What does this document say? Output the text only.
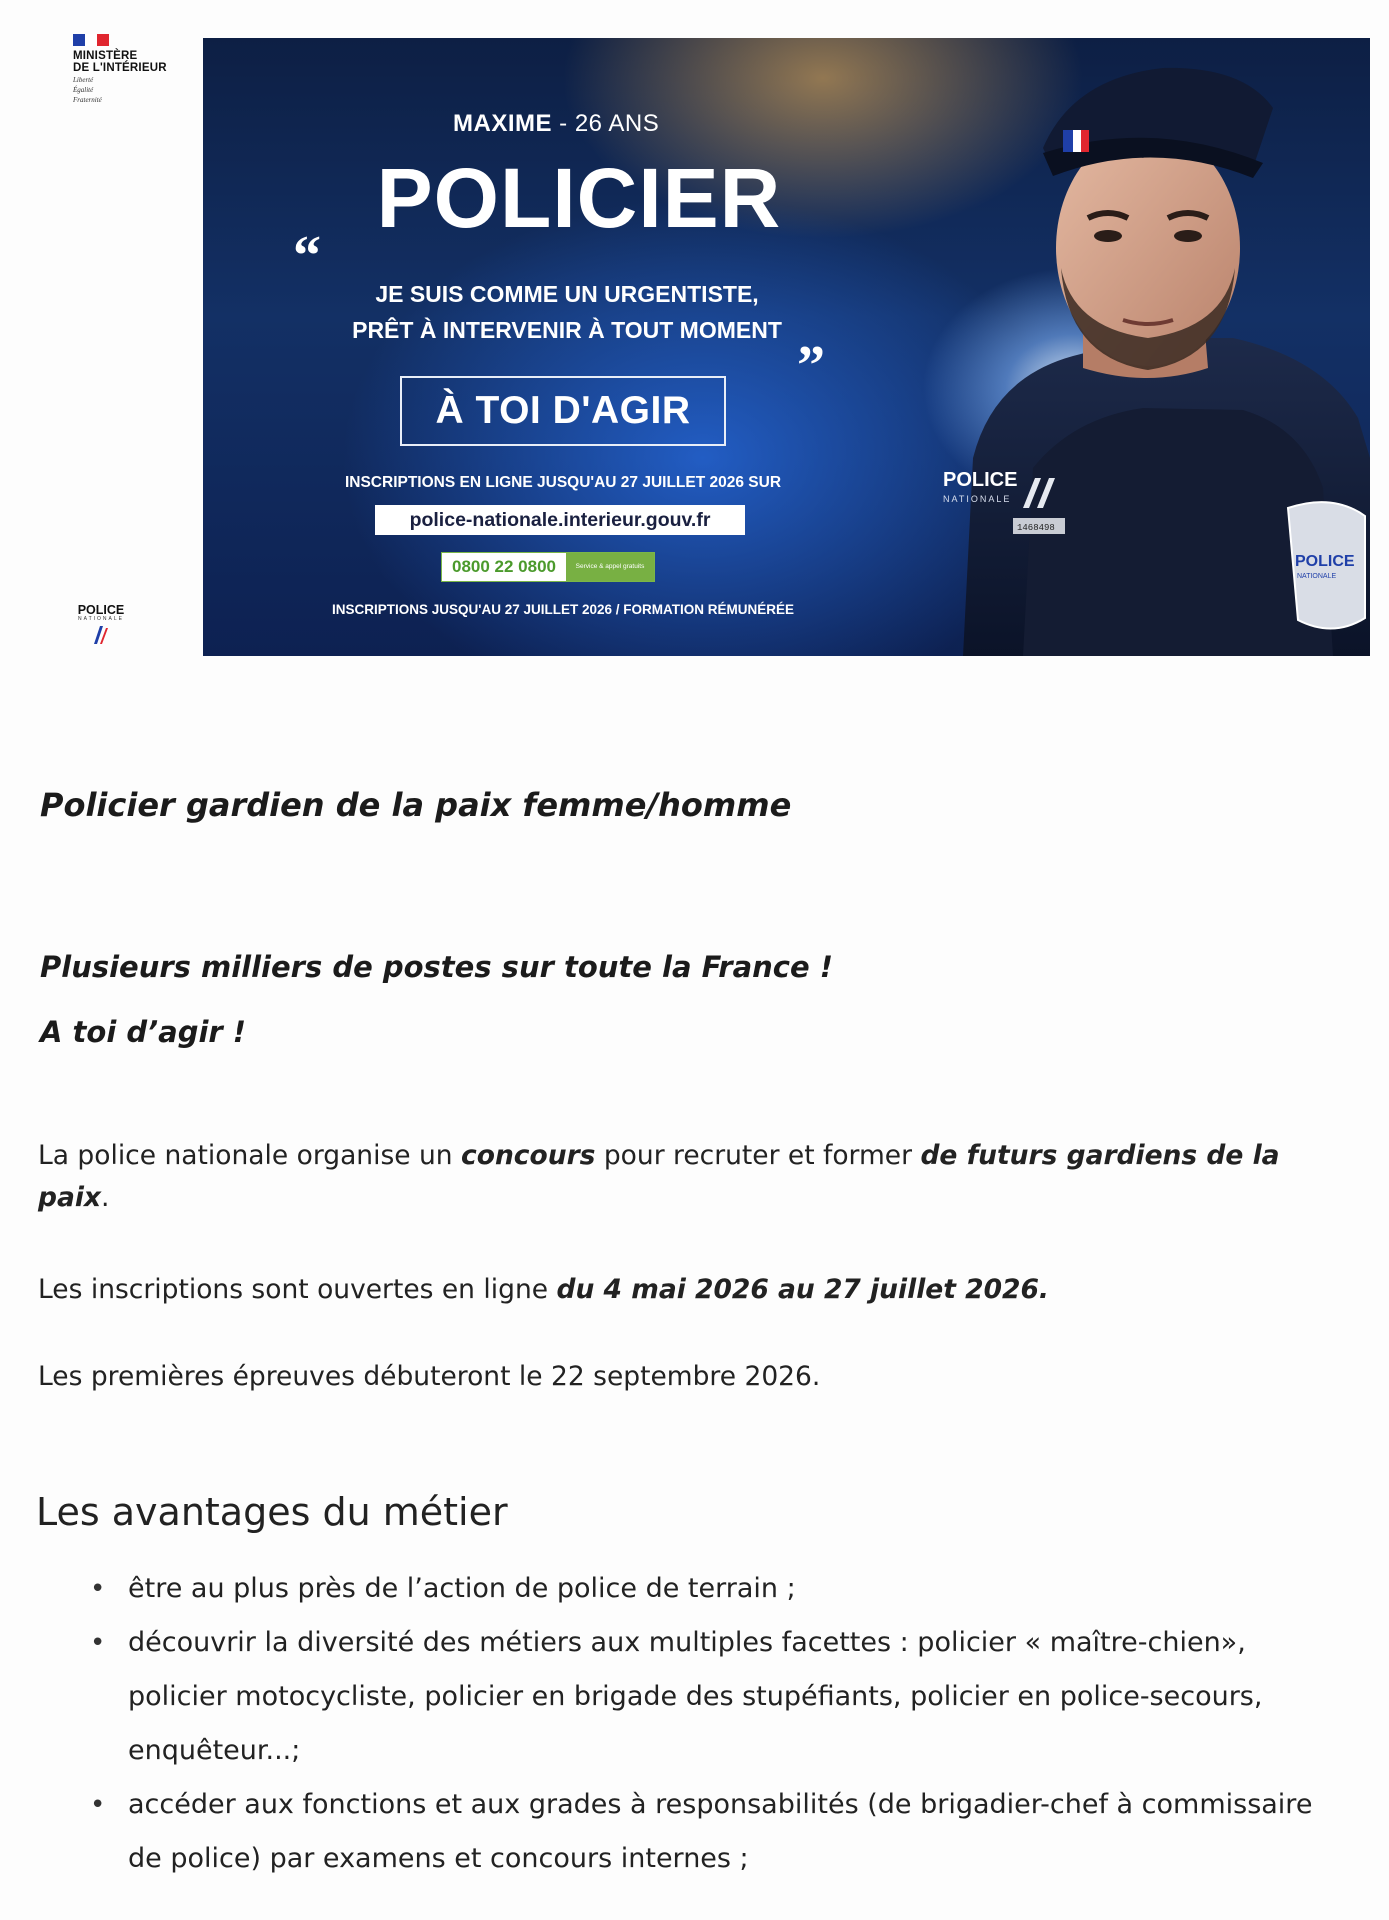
MINISTÈRE
DE L'INTÉRIEUR
Liberté
Égalité
Fraternité
POLICE
NATIONALE
POLICE
NATIONALE
1468498
POLICE
NATIONALE
MAXIME - 26 ANS
POLICIER
“
JE SUIS COMME UN URGENTISTE,
PRÊT À INTERVENIR À TOUT MOMENT
”
À TOI D'AGIR
INSCRIPTIONS EN LIGNE JUSQU'AU 27 JUILLET 2026 SUR
police-nationale.interieur.gouv.fr
0800 22 0800	Service & appel gratuits
INSCRIPTIONS JUSQU'AU 27 JUILLET 2026 / FORMATION RÉMUNÉRÉE
Policier gardien de la paix femme/homme
Plusieurs milliers de postes sur toute la France !
A toi d’agir !
La police nationale organise un concours pour recruter et former de futurs gardiens de la paix.
Les inscriptions sont ouvertes en ligne du 4 mai 2026 au 27 juillet 2026.
Les premières épreuves débuteront le 22 septembre 2026.
Les avantages du métier
• être au plus près de l’action de police de terrain ;
• découvrir la diversité des métiers aux multiples facettes : policier « maître-chien», policier motocycliste, policier en brigade des stupéfiants, policier en police-secours, enquêteur...;
• accéder aux fonctions et aux grades à responsabilités (de brigadier-chef à commissaire de police) par examens et concours internes ;
